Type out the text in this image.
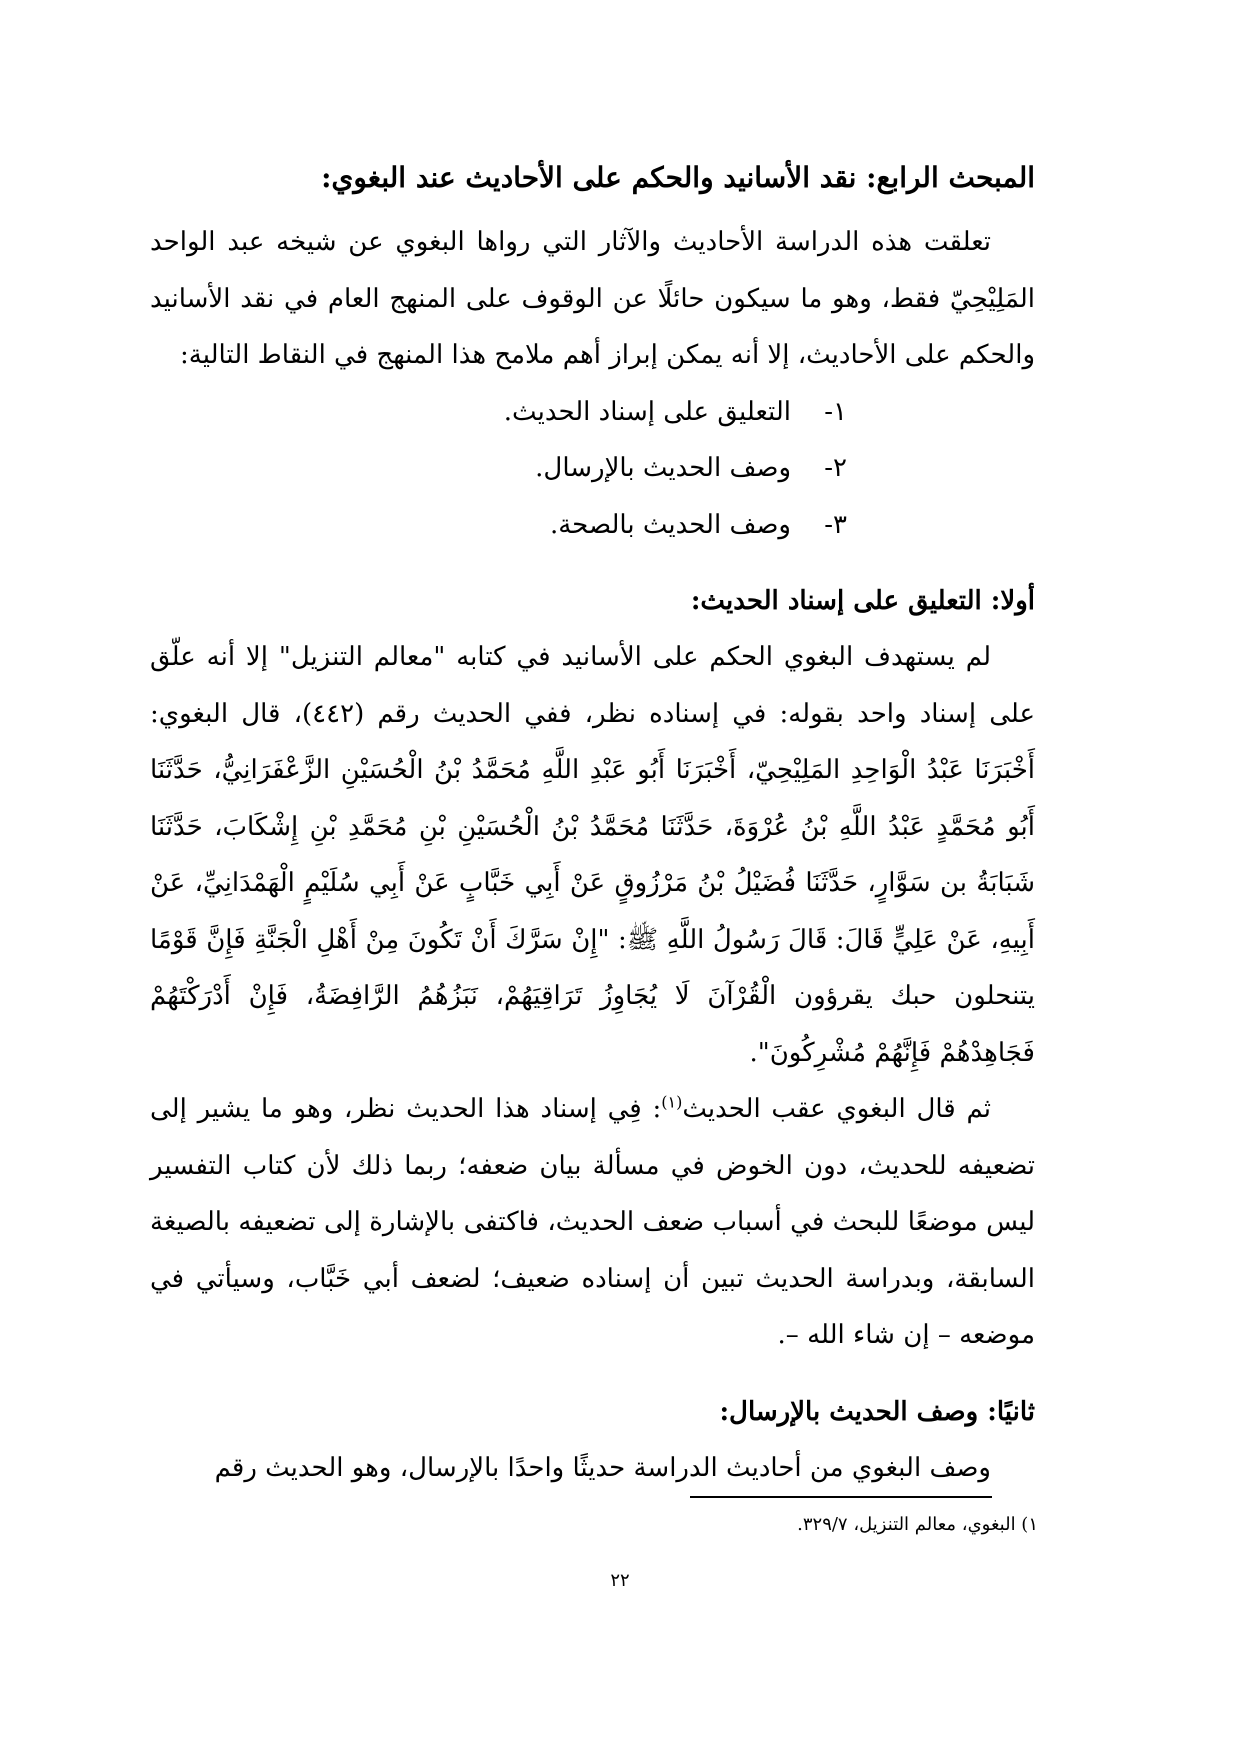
المبحث الرابع: نقد الأسانيد والحكم على الأحاديث عند البغوي:

تعلقت هذه الدراسة الأحاديث والآثار التي رواها البغوي عن شيخه عبد الواحد المَلِيْحِيّ فقط، وهو ما سيكون حائلًا عن الوقوف على المنهج العام في نقد الأسانيد والحكم على الأحاديث، إلا أنه يمكن إبراز أهم ملامح هذا المنهج في النقاط التالية:

١-التعليق على إسناد الحديث.
٢-وصف الحديث بالإرسال.
٣-وصف الحديث بالصحة.
أولا: التعليق على إسناد الحديث:

لم يستهدف البغوي الحكم على الأسانيد في كتابه "معالم التنزيل" إلا أنه علّق على إسناد واحد بقوله: في إسناده نظر، ففي الحديث رقم (٤٤٢)، قال البغوي: أَخْبَرَنَا عَبْدُ الْوَاحِدِ المَلِيْحِيّ، أَخْبَرَنَا أَبُو عَبْدِ اللَّهِ مُحَمَّدُ بْنُ الْحُسَيْنِ الزَّعْفَرَانِيُّ، حَدَّثَنَا أَبُو مُحَمَّدٍ عَبْدُ اللَّهِ بْنُ عُرْوَةَ، حَدَّثَنَا مُحَمَّدُ بْنُ الْحُسَيْنِ بْنِ مُحَمَّدِ بْنِ إِشْكَابَ، حَدَّثَنَا شَبَابَةُ بن سَوَّارٍ، حَدَّثَنَا فُضَيْلُ بْنُ مَرْزُوقٍ عَنْ أَبِي خَبَّابٍ عَنْ أَبِي سُلَيْمٍ الْهَمْدَانِيِّ، عَنْ أَبِيهِ، عَنْ عَلِيٍّ قَالَ: قَالَ رَسُولُ اللَّهِ ﷺ: "إِنْ سَرَّكَ أَنْ تَكُونَ مِنْ أَهْلِ الْجَنَّةِ فَإِنَّ قَوْمًا يتنحلون حبك يقرؤون الْقُرْآنَ لَا يُجَاوِزُ تَرَاقِيَهُمْ، نَبَزُهُمُ الرَّافِضَةُ، فَإِنْ أَدْرَكْتَهُمْ فَجَاهِدْهُمْ فَإِنَّهُمْ مُشْرِكُونَ".

ثم قال البغوي عقب الحديث$^{(١)}$: فِي إسناد هذا الحديث نظر، وهو ما يشير إلى تضعيفه للحديث، دون الخوض في مسألة بيان ضعفه؛ ربما ذلك لأن كتاب التفسير ليس موضعًا للبحث في أسباب ضعف الحديث، فاكتفى بالإشارة إلى تضعيفه بالصيغة السابقة، وبدراسة الحديث تبين أن إسناده ضعيف؛ لضعف أبي خَبَّاب، وسيأتي في موضعه – إن شاء الله –.

ثانيًا: وصف الحديث بالإرسال:

وصف البغوي من أحاديث الدراسة حديثًا واحدًا بالإرسال، وهو الحديث رقم

١) البغوي، معالم التنزيل، ٣٢٩/٧.
٢٢
